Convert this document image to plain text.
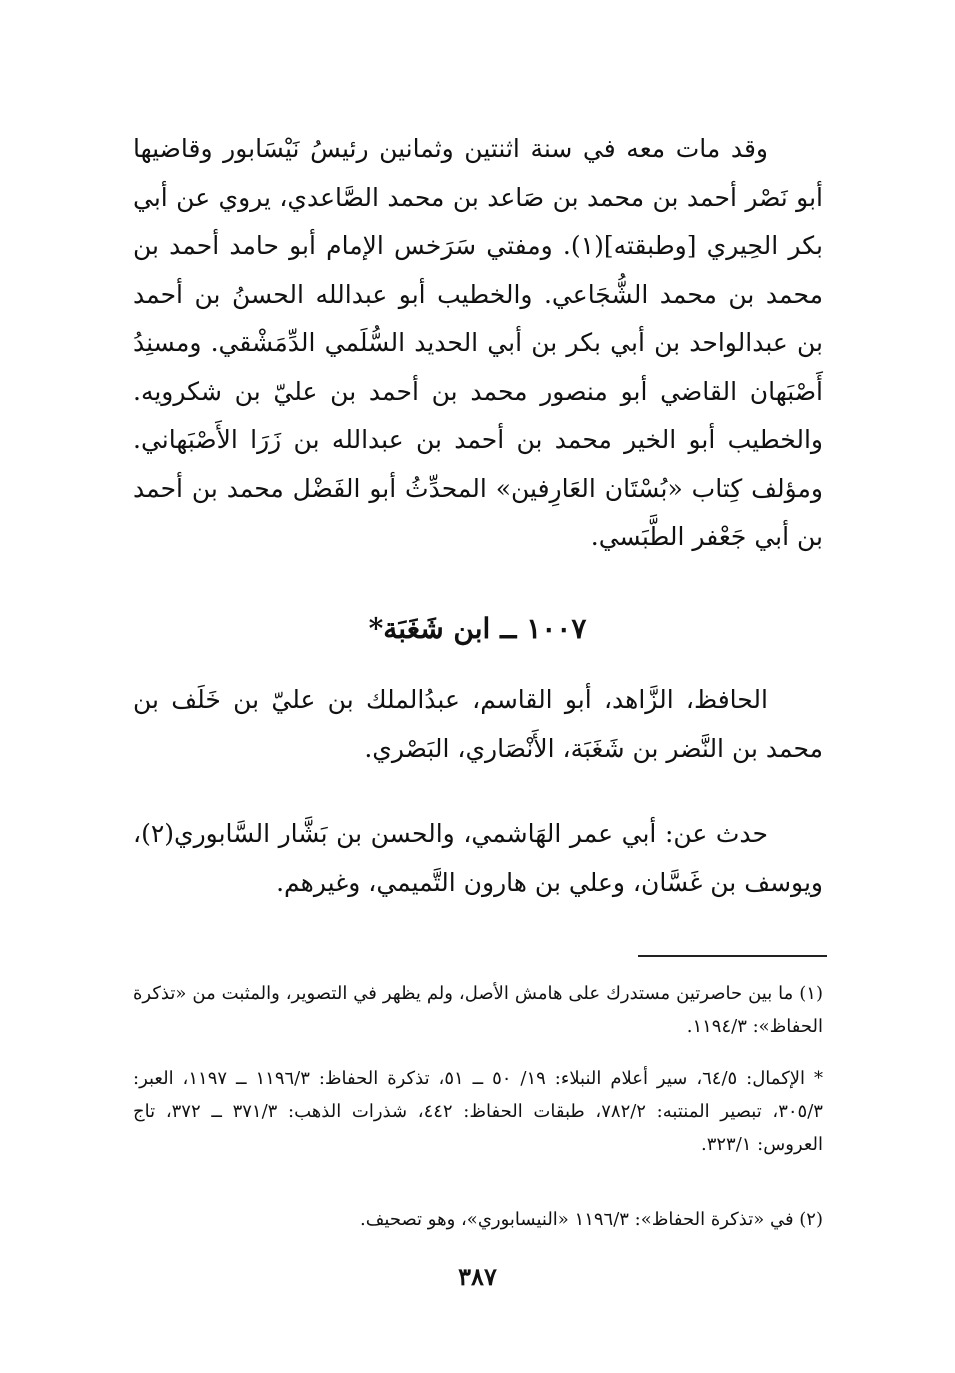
وقد مات معه في سنة اثنتين وثمانين رئيسُ نَيْسَابور وقاضيها أبو نَصْر أحمد بن محمد بن صَاعد بن محمد الصَّاعدي، يروي عن أبي بكر الحِيري [وطبقته](١). ومفتي سَرَخس الإمام أبو حامد أحمد بن محمد بن محمد الشُّجَاعي. والخطيب أبو عبدالله الحسنُ بن أحمد بن عبدالواحد بن أبي بكر بن أبي الحديد السُّلَمي الدِّمَشْقي. ومسنِدُ أَصْبَهان القاضي أبو منصور محمد بن أحمد بن عليّ بن شكرويه. والخطيب أبو الخير محمد بن أحمد بن عبدالله بن زَرَا الأَصْبَهاني. ومؤلف كِتاب «بُسْتَان العَارِفين» المحدِّثُ أبو الفَضْل محمد بن أحمد بن أبي جَعْفر الطَّبَسي.

١٠٠٧ ــ ابن شَغَبَة*

الحافظ، الزَّاهد، أبو القاسم، عبدُالملك بن عليّ بن خَلَف بن محمد بن النَّضر بن شَغَبَة، الأَنْصَاري، البَصْري.

حدث عن: أبي عمر الهَاشمي، والحسن بن بَشَّار السَّابوري(٢)، ويوسف بن غَسَّان، وعلي بن هارون التَّميمي، وغيرهم.

(١) ما بين حاصرتين مستدرك على هامش الأصل، ولم يظهر في التصوير، والمثبت من «تذكرة الحفاظ»: ١١٩٤/٣.

* الإكمال: ٦٤/٥، سير أعلام النبلاء: ١٩/ ٥٠ ــ ٥١، تذكرة الحفاظ: ١١٩٦/٣ ــ ١١٩٧، العبر: ٣٠٥/٣، تبصير المنتبه: ٧٨٢/٢، طبقات الحفاظ: ٤٤٢، شذرات الذهب: ٣٧١/٣ ــ ٣٧٢، تاج العروس: ٣٢٣/١.

(٢) في «تذكرة الحفاظ»: ١١٩٦/٣ «النيسابوري»، وهو تصحيف.

٣٨٧
